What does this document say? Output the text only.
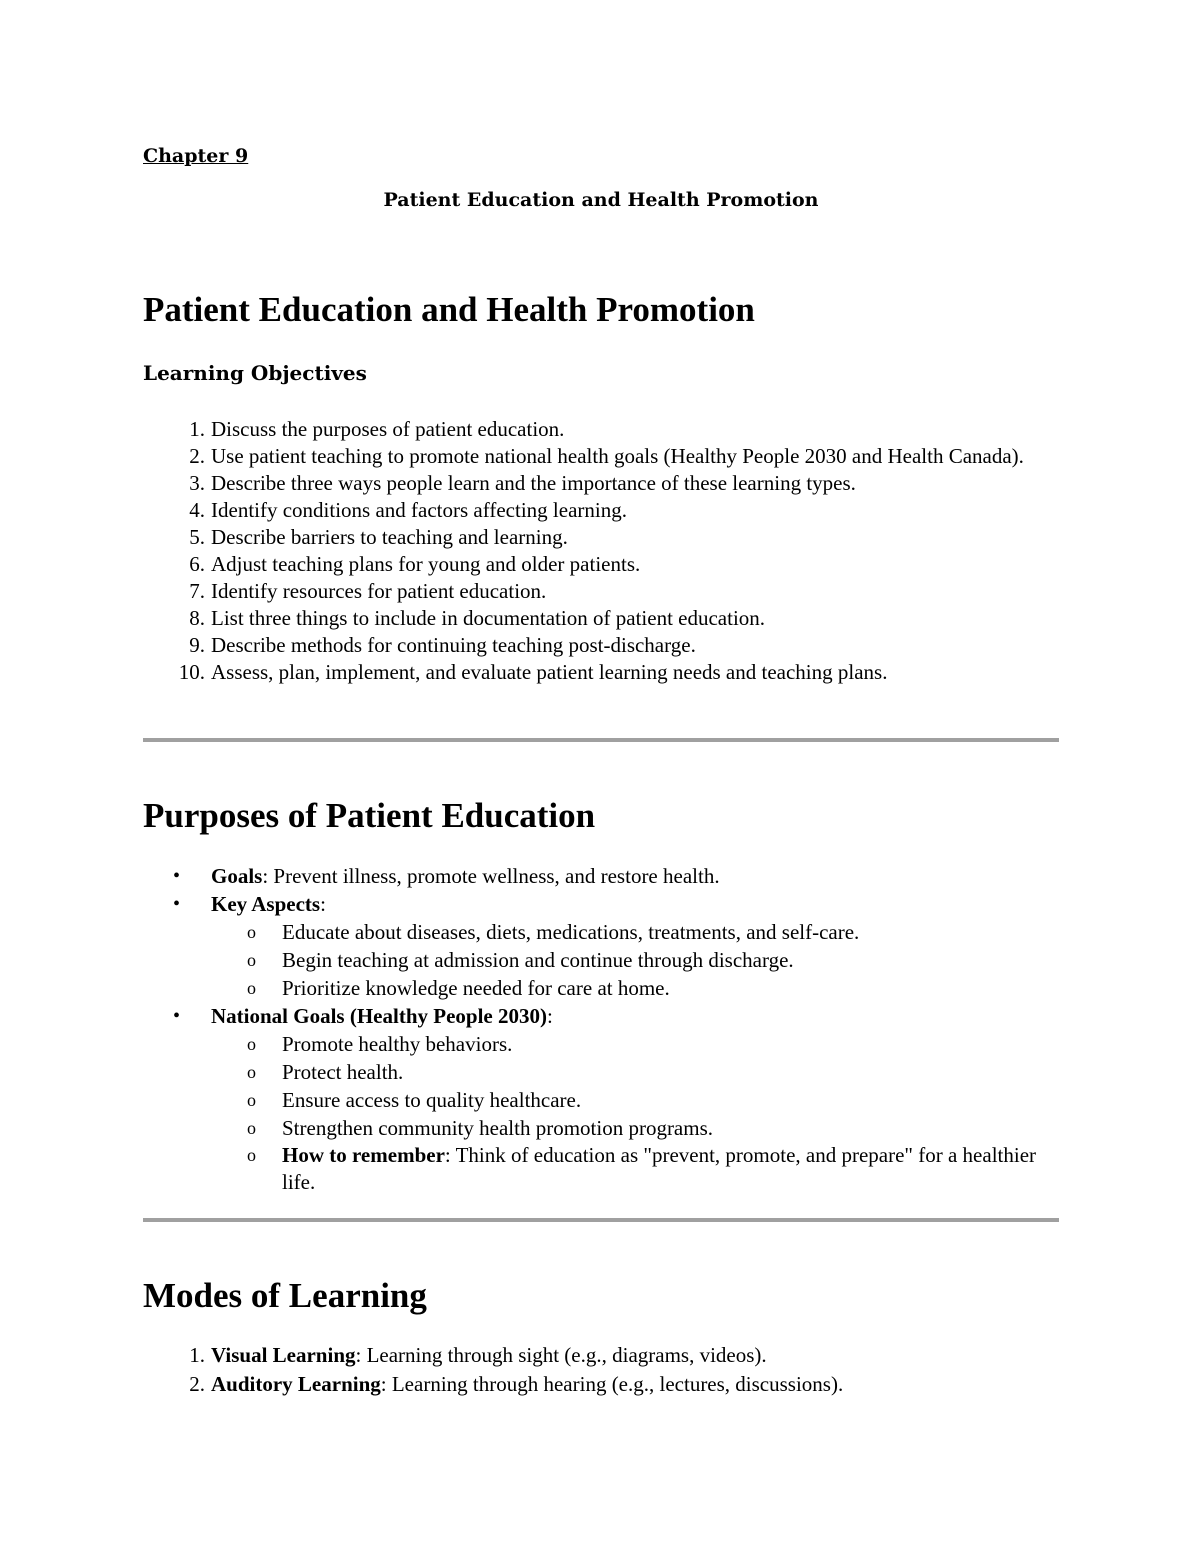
Chapter 9
Patient Education and Health Promotion
Patient Education and Health Promotion
Learning Objectives
1. Discuss the purposes of patient education.
2. Use patient teaching to promote national health goals (Healthy People 2030 and Health Canada).
3. Describe three ways people learn and the importance of these learning types.
4. Identify conditions and factors affecting learning.
5. Describe barriers to teaching and learning.
6. Adjust teaching plans for young and older patients.
7. Identify resources for patient education.
8. List three things to include in documentation of patient education.
9. Describe methods for continuing teaching post-discharge.
10. Assess, plan, implement, and evaluate patient learning needs and teaching plans.
Purposes of Patient Education
• Goals: Prevent illness, promote wellness, and restore health.
• Key Aspects:
o Educate about diseases, diets, medications, treatments, and self-care.
o Begin teaching at admission and continue through discharge.
o Prioritize knowledge needed for care at home.
• National Goals (Healthy People 2030):
o Promote healthy behaviors.
o Protect health.
o Ensure access to quality healthcare.
o Strengthen community health promotion programs.
o How to remember: Think of education as "prevent, promote, and prepare" for a healthier life.
Modes of Learning
1. Visual Learning: Learning through sight (e.g., diagrams, videos).
2. Auditory Learning: Learning through hearing (e.g., lectures, discussions).
